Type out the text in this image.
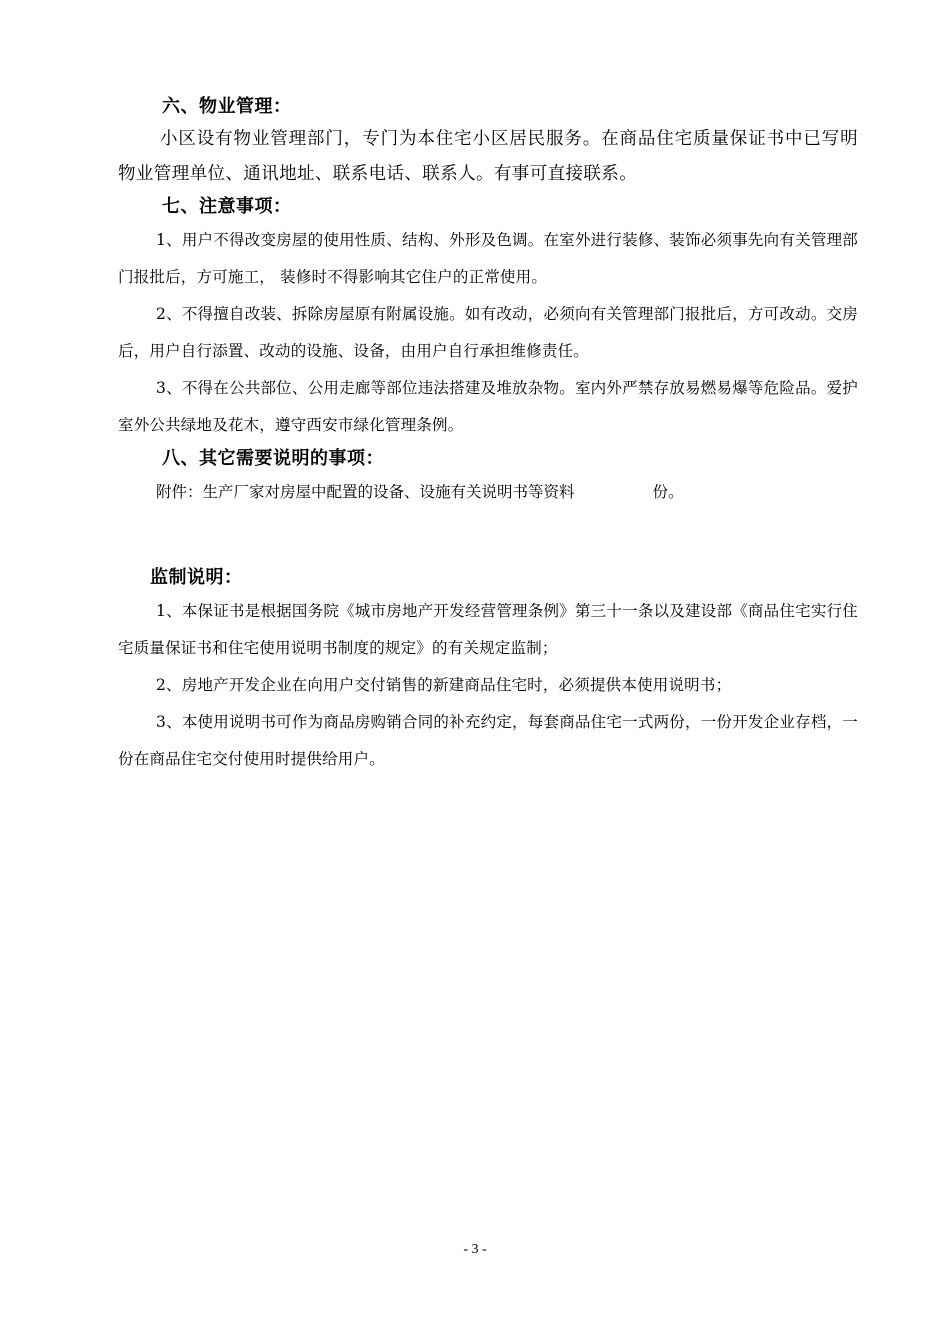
六、物业管理：

小区设有物业管理部门，专门为本住宅小区居民服务。在商品住宅质量保证书中已写明物业管理单位、通讯地址、联系电话、联系人。有事可直接联系。

七、注意事项：

1、用户不得改变房屋的使用性质、结构、外形及色调。在室外进行装修、装饰必须事先向有关管理部门报批后，方可施工， 装修时不得影响其它住户的正常使用。

2、不得擅自改装、拆除房屋原有附属设施。如有改动，必须向有关管理部门报批后，方可改动。交房后，用户自行添置、改动的设施、设备，由用户自行承担维修责任。

3、不得在公共部位、公用走廊等部位违法搭建及堆放杂物。室内外严禁存放易燃易爆等危险品。爱护室外公共绿地及花木，遵守西安市绿化管理条例。

八、其它需要说明的事项：
附件：生产厂家对房屋中配置的设备、设施有关说明书等资料	份。
监制说明：

1、本保证书是根据国务院《城市房地产开发经营管理条例》第三十一条以及建设部《商品住宅实行住宅质量保证书和住宅使用说明书制度的规定》的有关规定监制；

2、房地产开发企业在向用户交付销售的新建商品住宅时，必须提供本使用说明书；

3、本使用说明书可作为商品房购销合同的补充约定，每套商品住宅一式两份，一份开发企业存档，一份在商品住宅交付使用时提供给用户。

- 3 -
